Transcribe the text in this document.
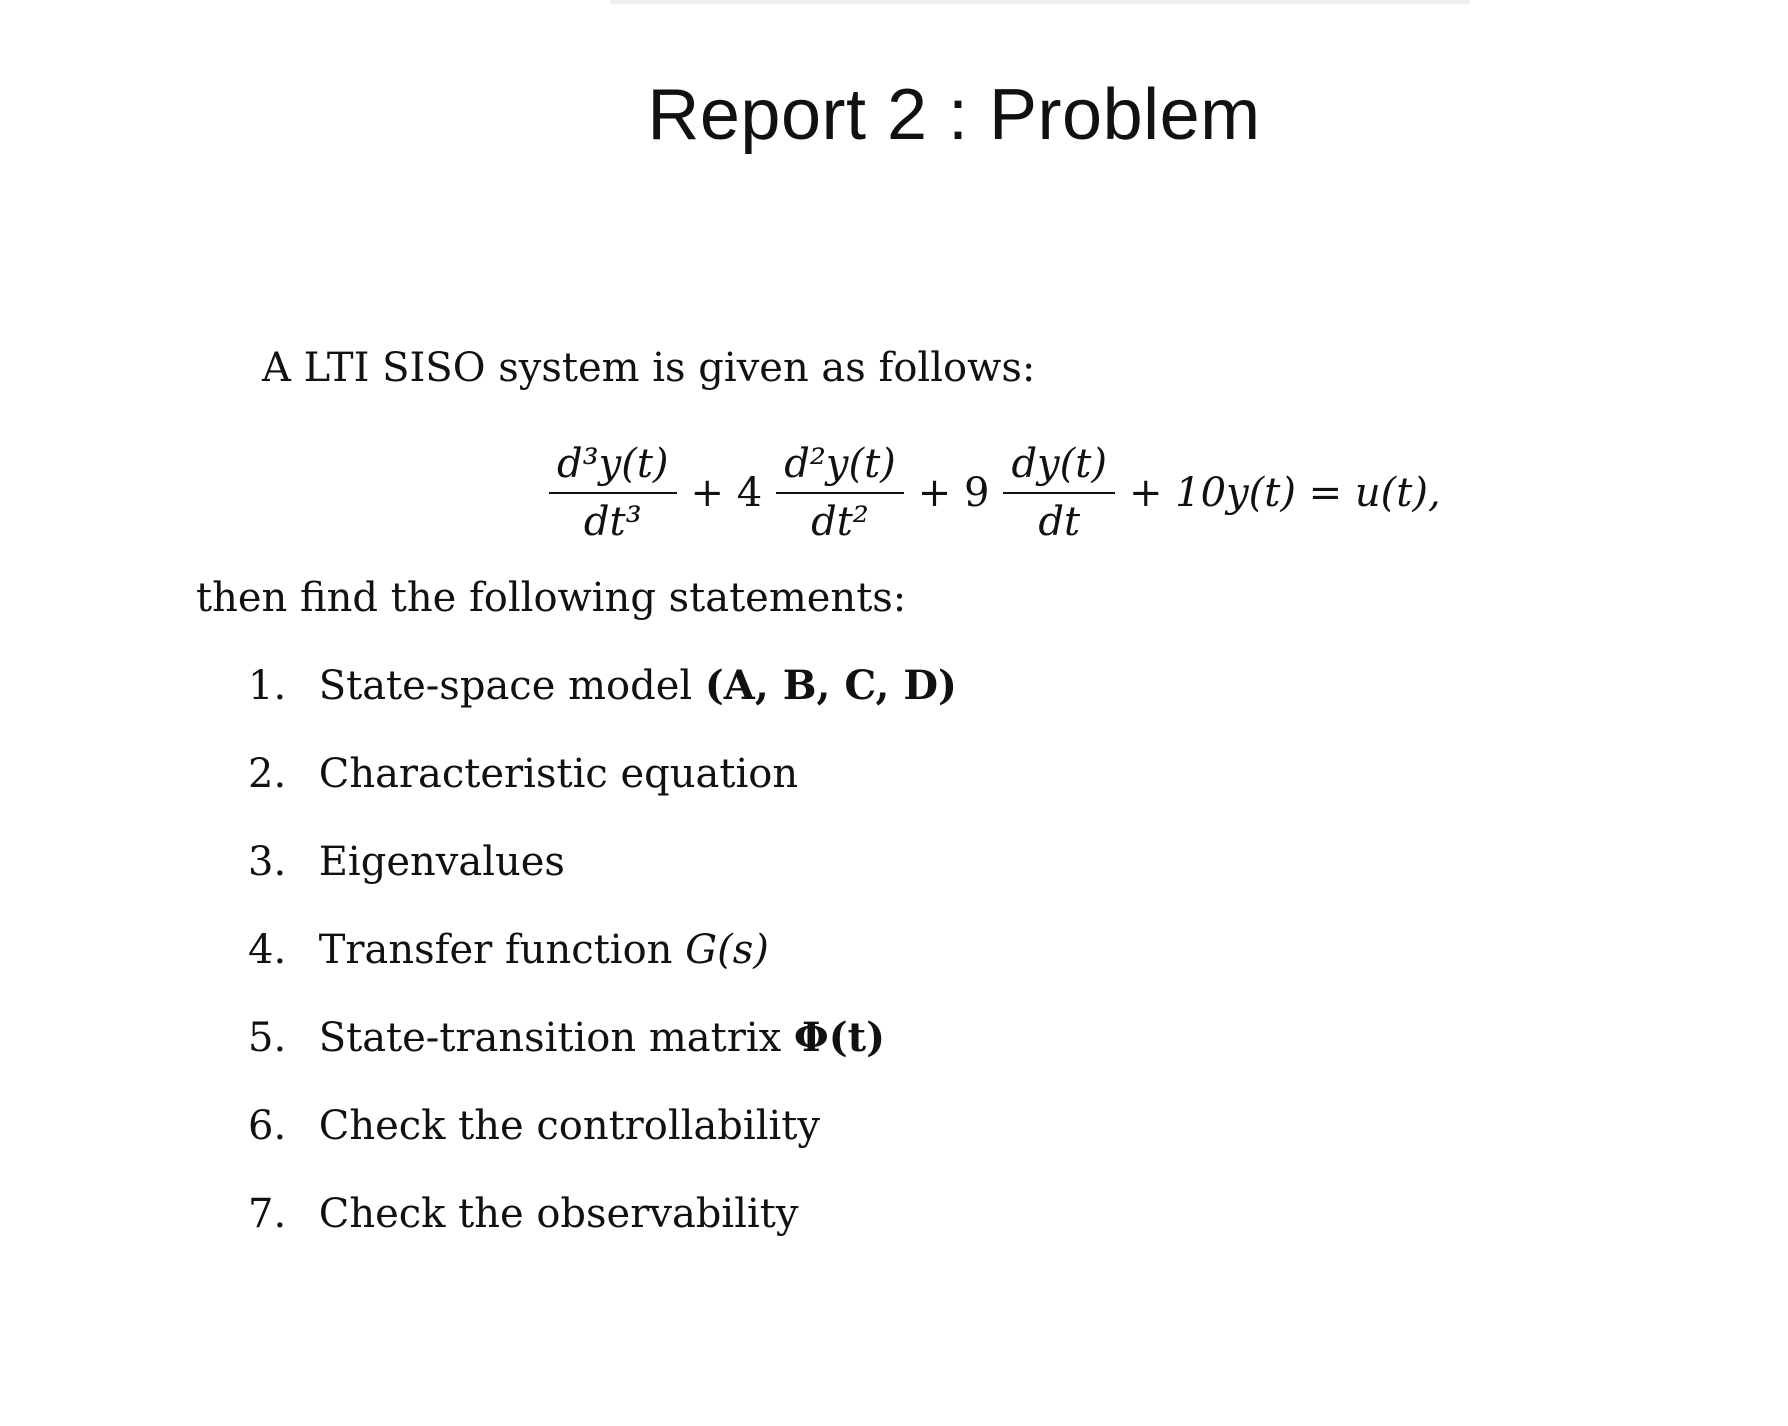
Report 2 : Problem
A LTI SISO system is given as follows:
$\frac{\text{d³y(t)}}{\text{dt³}} + 4 \frac{\text{d²y(t)}}{\text{dt²}} + 9 \frac{dy(t)}{dt} + 10y(t) = u(t)$,
then find the following statements:
1. State-space model (A, B, C, D)
2. Characteristic equation
3. Eigenvalues
4. Transfer function G(s)
5. State-transition matrix Φ(t)
6. Check the controllability
7. Check the observability
